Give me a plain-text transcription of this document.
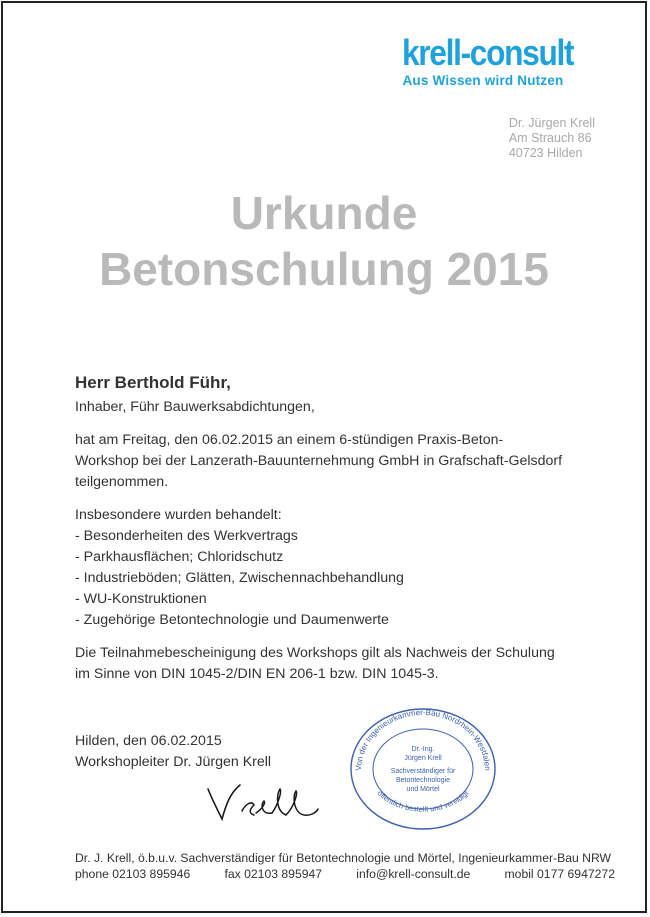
krell-consult
Aus Wissen wird Nutzen
Dr. Jürgen Krell
Am Strauch 86
40723 Hilden
Urkunde
Betonschulung 2015
Herr Berthold Führ,
Inhaber, Führ Bauwerksabdichtungen,
hat am Freitag, den 06.02.2015 an einem 6-stündigen Praxis-Beton-
Workshop bei der Lanzerath-Bauunternehmung GmbH in Grafschaft-Gelsdorf
teilgenommen.
Insbesondere wurden behandelt:
- Besonderheiten des Werkvertrags
- Parkhausflächen; Chloridschutz
- Industrieböden; Glätten, Zwischennachbehandlung
- WU-Konstruktionen
- Zugehörige Betontechnologie und Daumenwerte
Die Teilnahmebescheinigung des Workshops gilt als Nachweis der Schulung
im Sinne von DIN 1045-2/DIN EN 206-1 bzw. DIN 1045-3.
Hilden, den 06.02.2015
Workshopleiter Dr. Jürgen Krell	Von der Ingenieurkammer-Bau Nordrhein-Westfalen
öffentlich bestellt und vereidigt
Dr.-Ing.
Jürgen Krell
Sachverständiger für
Betontechnologie
und Mörtel
Dr. J. Krell, ö.b.u.v. Sachverständiger für Betontechnologie und Mörtel, Ingenieurkammer-Bau NRW
phone 02103 895946	fax 02103 895947	info@krell-consult.de	mobil 0177 6947272
